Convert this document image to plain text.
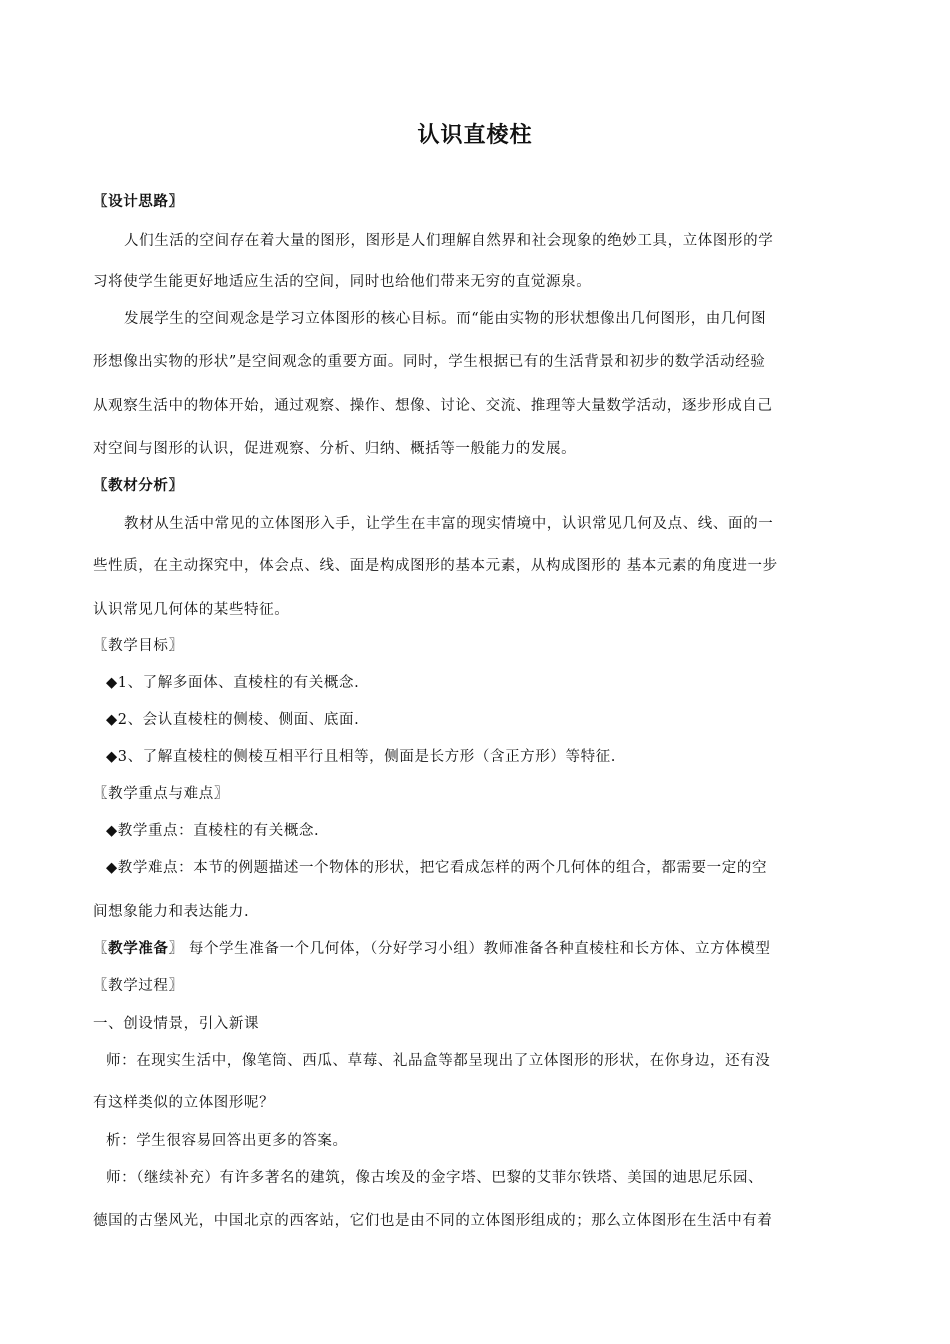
认识直棱柱
〖设计思路〗
人们生活的空间存在着大量的图形，图形是人们理解自然界和社会现象的绝妙工具，立体图形的学
习将使学生能更好地适应生活的空间，同时也给他们带来无穷的直觉源泉。
发展学生的空间观念是学习立体图形的核心目标。而“能由实物的形状想像出几何图形，由几何图
形想像出实物的形状”是空间观念的重要方面。同时，学生根据已有的生活背景和初步的数学活动经验
从观察生活中的物体开始，通过观察、操作、想像、讨论、交流、推理等大量数学活动，逐步形成自己
对空间与图形的认识，促进观察、分析、归纳、概括等一般能力的发展。
〖教材分析〗
教材从生活中常见的立体图形入手，让学生在丰富的现实情境中，认识常见几何及点、线、面的一
些性质，在主动探究中，体会点、线、面是构成图形的基本元素，从构成图形的 基本元素的角度进一步
认识常见几何体的某些特征。
〖教学目标〗
◆1、了解多面体、直棱柱的有关概念.
◆2、会认直棱柱的侧棱、侧面、底面.
◆3、了解直棱柱的侧棱互相平行且相等，侧面是长方形（含正方形）等特征.
〖教学重点与难点〗
◆教学重点：直棱柱的有关概念.
◆教学难点：本节的例题描述一个物体的形状，把它看成怎样的两个几何体的组合，都需要一定的空
间想象能力和表达能力.
〖教学准备〗 每个学生准备一个几何体，（分好学习小组）教师准备各种直棱柱和长方体、立方体模型
〖教学过程〗
一、创设情景，引入新课
师：在现实生活中，像笔筒、西瓜、草莓、礼品盒等都呈现出了立体图形的形状，在你身边，还有没
有这样类似的立体图形呢？
析：学生很容易回答出更多的答案。
师：（继续补充）有许多著名的建筑，像古埃及的金字塔、巴黎的艾菲尔铁塔、美国的迪思尼乐园、
德国的古堡风光，中国北京的西客站，它们也是由不同的立体图形组成的；那么立体图形在生活中有着
